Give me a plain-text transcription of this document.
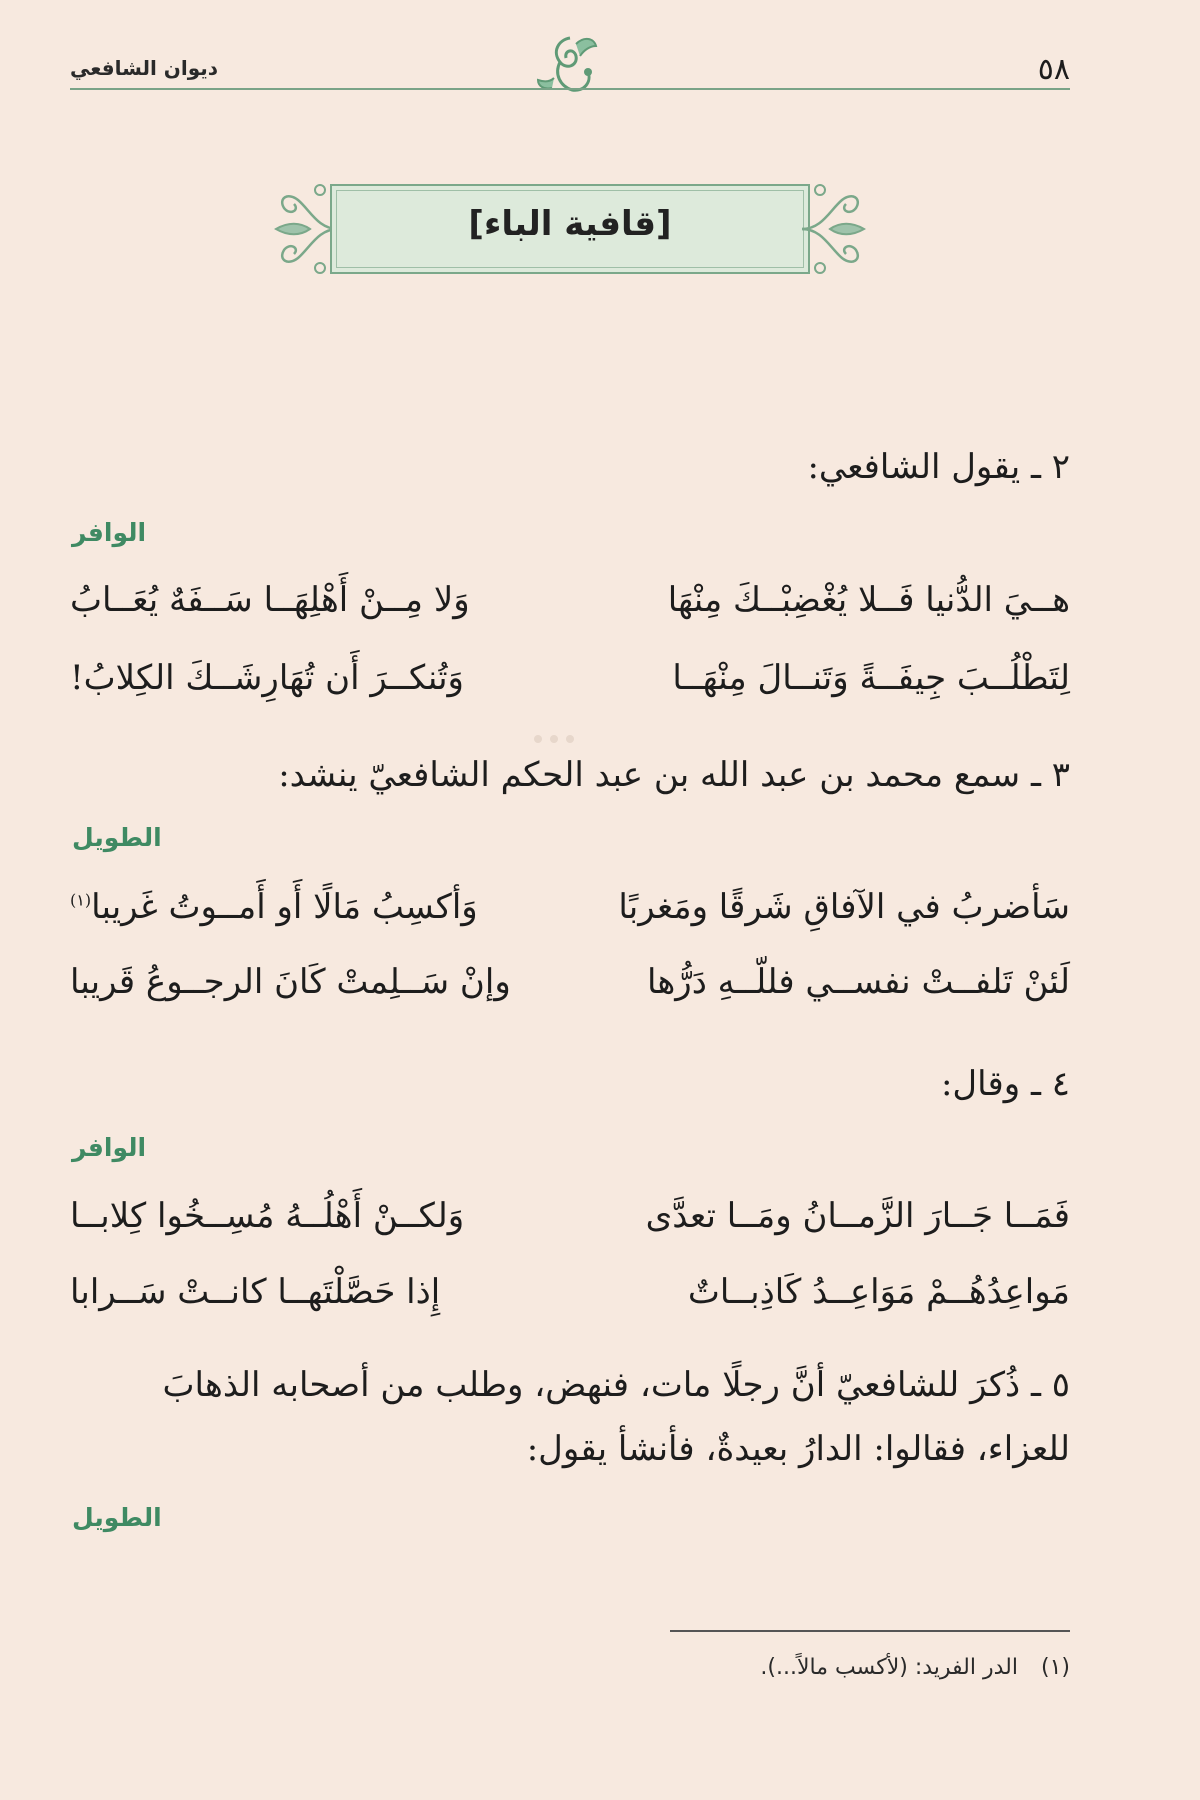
٥٨
ديوان الشافعي
[قافية الباء]
٢ ـ يقول الشافعي:
الوافر
هــيَ الدُّنيا فَــلا يُغْضِبْــكَ مِنْهَا
وَلا مِــنْ أَهْلِهَــا سَــفَهٌ يُعَــابُ
لِتَطْلُــبَ جِيفَــةً وَتَنــالَ مِنْهَــا
وَتُنكــرَ أَن تُهَارِشَــكَ الكِلابُ!
٣ ـ سمع محمد بن عبد الله بن عبد الحكم الشافعيّ ينشد:
الطويل
سَأضربُ في الآفاقِ شَرقًا ومَغربًا
وَأكسِبُ مَالًا أَو أَمــوتُ غَريبا$^{(١)}$
لَئنْ تَلفــتْ نفســي فللّــهِ دَرُّها
وإنْ سَــلِمتْ كَانَ الرجــوعُ قَريبا
٤ ـ وقال:
الوافر
فَمَــا جَــارَ الزَّمــانُ ومَــا تعدَّى
وَلكــنْ أَهْلُــهُ مُسِــخُوا كِلابــا
مَواعِدُهُــمْ مَوَاعِــدُ كَاذِبــاتٌ
إِذا حَصَّلْتَهــا كانــتْ سَــرابا
٥ ـ ذُكرَ للشافعيّ أنَّ رجلًا مات، فنهض، وطلب من أصحابه الذهابَ
للعزاء، فقالوا: الدارُ بعيدةٌ، فأنشأ يقول:
الطويل
(١) الدر الفريد: (لأكسب مالاً...).
